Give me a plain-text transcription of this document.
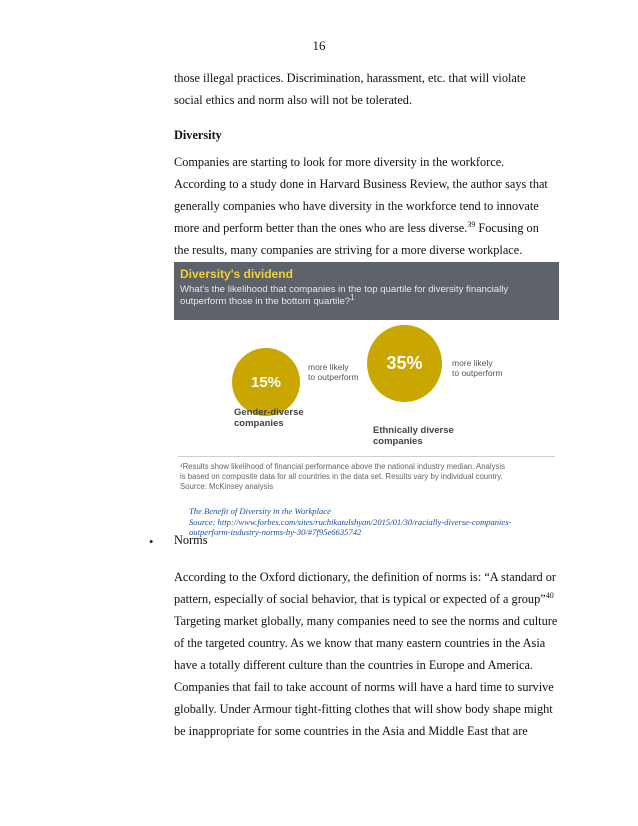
16
those illegal practices. Discrimination, harassment, etc. that will violate
social ethics and norm also will not be tolerated.
Diversity
Companies are starting to look for more diversity in the workforce.
According to a study done in Harvard Business Review, the author says that
generally companies who have diversity in the workforce tend to innovate
more and perform better than the ones who are less diverse.$^{39}$ Focusing on
the results, many companies are striving for a more diverse workplace.
Diversity's dividend
What's the likelihood that companies in the top quartile for diversity financially outperform those in the bottom quartile?$^1$
15%
more likely
to outperform
Gender-diverse
companies
35%	more likely
to outperform
Ethnically diverse
companies
¹Results show likelihood of financial performance above the national industry median. Analysis
is based on composite data for all countries in the data set. Results vary by individual country.
Source: McKinsey analysis
The Benefit of Diversity in the Workplace
Source: http://www.forbes.com/sites/ruchikatulshyan/2015/01/30/racially-diverse-companies-
outperform-industry-norms-by-30/#7f95e6635742
• Norms
According to the Oxford dictionary, the definition of norms is: “A standard or
pattern, especially of social behavior, that is typical or expected of a group”$^{40}$
Targeting market globally, many companies need to see the norms and culture
of the targeted country. As we know that many eastern countries in the Asia
have a totally different culture than the countries in Europe and America.
Companies that fail to take account of norms will have a hard time to survive
globally. Under Armour tight-fitting clothes that will show body shape might
be inappropriate for some countries in the Asia and Middle East that are
